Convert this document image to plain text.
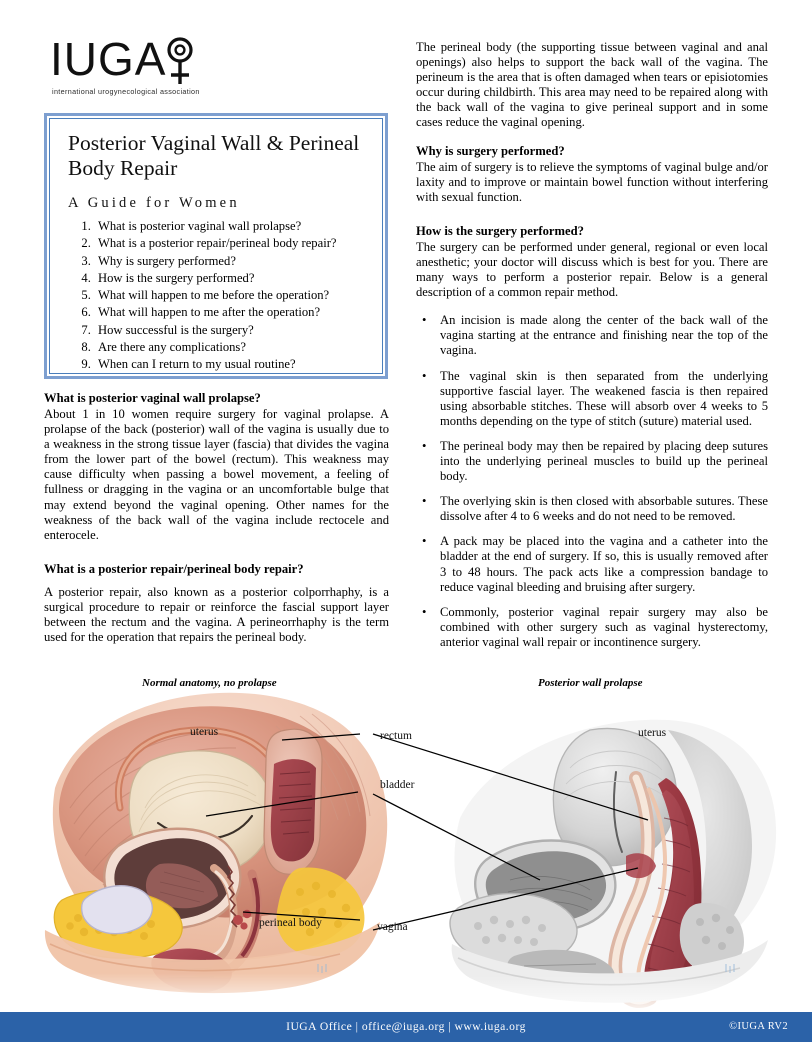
IUGA
international urogynecological association
Posterior Vaginal Wall & Perineal Body Repair
A Guide for Women
1. What is posterior vaginal wall prolapse?
2. What is a posterior repair/perineal body repair?
3. Why is surgery performed?
4. How is the surgery performed?
5. What will happen to me before the operation?
6. What will happen to me after the operation?
7. How successful is the surgery?
8. Are there any complications?
9. When can I return to my usual routine?
What is posterior vaginal wall prolapse?

About 1 in 10 women require surgery for vaginal prolapse. A prolapse of the back (posterior) wall of the vagina is usually due to a weakness in the strong tissue layer (fascia) that divides the vagina from the lower part of the bowel (rectum). This weakness may cause difficulty when passing a bowel movement, a feeling of fullness or dragging in the vagina or an uncomfortable bulge that may extend beyond the vaginal opening. Other names for the weakness of the back wall of the vagina include rectocele and enterocele.

What is a posterior repair/perineal body repair?

A posterior repair, also known as a posterior colporrhaphy, is a surgical procedure to repair or reinforce the fascial support layer between the rectum and the vagina. A perineorrhaphy is the term used for the operation that repairs the perineal body.

The perineal body (the supporting tissue between vaginal and anal openings) also helps to support the back wall of the vagina. The perineum is the area that is often damaged when tears or episiotomies occur during childbirth. This area may need to be repaired along with the back wall of the vagina to give perineal support and in some cases reduce the vaginal opening.

Why is surgery performed?

The aim of surgery is to relieve the symptoms of vaginal bulge and/or laxity and to improve or maintain bowel function without interfering with sexual function.

How is the surgery performed?

The surgery can be performed under general, regional or even local anesthetic; your doctor will discuss which is best for you. There are many ways to perform a posterior repair. Below is a general description of a common repair method.

• An incision is made along the center of the back wall of the vagina starting at the entrance and finishing near the top of the vagina.
• The vaginal skin is then separated from the underlying supportive fascial layer. The weakened fascia is then repaired using absorbable stitches. These will absorb over 4 weeks to 5 months depending on the type of stitch (suture) material used.
• The perineal body may then be repaired by placing deep sutures into the underlying perineal muscles to build up the perineal body.
• The overlying skin is then closed with absorbable sutures. These dissolve after 4 to 6 weeks and do not need to be removed.
• A pack may be placed into the vagina and a catheter into the bladder at the end of surgery. If so, this is usually removed after 3 to 48 hours. The pack acts like a compression bandage to reduce vaginal bleeding and bruising after surgery.
• Commonly, posterior vaginal repair surgery may also be combined with other surgery such as vaginal hysterectomy, anterior vaginal wall repair or incontinence surgery.
Normal anatomy, no prolapse	Posterior wall prolapse
uterus	rectum
bladder
perineal body	vagina
uterus
IUGA Office | office@iuga.org | www.iuga.org	©IUGA RV2
